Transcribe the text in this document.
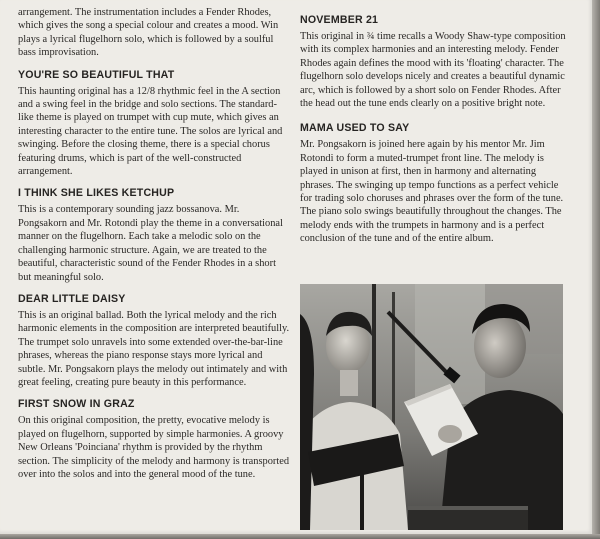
arrangement. The instrumentation includes a Fender Rhodes, which gives the song a special colour and creates a mood. Win plays a lyrical flugelhorn solo, which is followed by a soulful bass improvisation.

YOU'RE SO BEAUTIFUL THAT

This haunting original has a 12/8 rhythmic feel in the A section and a swing feel in the bridge and solo sections. The standard-like theme is played on trumpet with cup mute, which gives an interesting character to the entire tune. The solos are lyrical and swinging. Before the closing theme, there is a special chorus featuring drums, which is part of the well-constructed arrangement.

I THINK SHE LIKES KETCHUP

This is a contemporary sounding jazz bossanova. Mr. Pongsakorn and Mr. Rotondi play the theme in a conversational manner on the flugelhorn. Each take a melodic solo on the challenging harmonic structure. Again, we are treated to the beautiful, characteristic sound of the Fender Rhodes in a short but meaningful solo.

DEAR LITTLE DAISY

This is an original ballad. Both the lyrical melody and the rich harmonic elements in the composition are interpreted beautifully. The trumpet solo unravels into some extended over-the-bar-line phrases, whereas the piano response stays more lyrical and subtle. Mr. Pongsakorn plays the melody out intimately and with great feeling, creating pure beauty in this performance.

FIRST SNOW IN GRAZ

On this original composition, the pretty, evocative melody is played on flugelhorn, supported by simple harmonies. A groovy New Orleans 'Poinciana' rhythm is provided by the rhythm section. The simplicity of the melody and harmony is transported over into the solos and into the general mood of the tune.

NOVEMBER 21

This original in ¾ time recalls a Woody Shaw-type composition with its complex harmonies and an interesting melody. Fender Rhodes again defines the mood with its 'floating' character. The flugelhorn solo develops nicely and creates a beautiful dynamic arc, which is followed by a short solo on Fender Rhodes. After the head out the tune ends clearly on a positive bright note.

MAMA USED TO SAY

Mr. Pongsakorn is joined here again by his mentor Mr. Jim Rotondi to form a muted-trumpet front line. The melody is played in unison at first, then in harmony and alternating phrases. The swinging up tempo functions as a perfect vehicle for trading solo choruses and phrases over the form of the tune. The piano solo swings beautifully throughout the changes. The melody ends with the trumpets in harmony and is a perfect conclusion of the tune and of the entire album.
